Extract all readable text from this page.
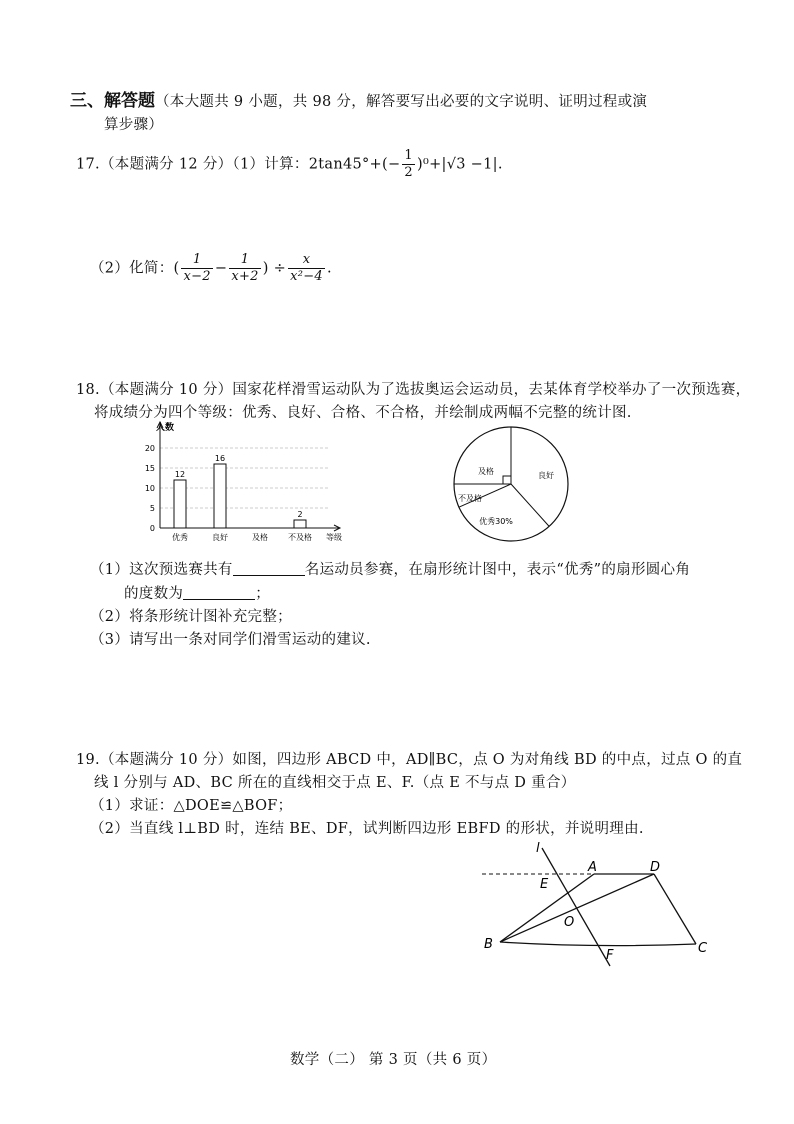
三、解答题（本大题共 9 小题，共 98 分，解答要写出必要的文字说明、证明过程或演
算步骤）
17.（本题满分 12 分）（1）计算：$2\tan 45^\circ+(- \frac{1}{2} )^0+|√3 -1|$.
（2）化简：( $\frac{1}{x-2} - \frac{1}{x+2}$ ) ÷ $\frac{x}{\text{x²−4}}$ .
18.（本题满分 10 分）国家花样滑雪运动队为了选拔奥运会运动员，去某体育学校举办了一次预选赛，
将成绩分为四个等级：优秀、良好、合格、不合格，并绘制成两幅不完整的统计图.
0
5
10
15
20
人数
等级
12
优秀
16
良好	及格
2
不及格
良好
优秀30%
不及格
及格
（1）这次预选赛共有	名运动员参赛，在扇形统计图中，表示“优秀”的扇形圆心角
的度数为	；
（2）将条形统计图补充完整；
（3）请写出一条对同学们滑雪运动的建议.
19.（本题满分 10 分）如图，四边形 ABCD 中，AD∥BC，点 O 为对角线 BD 的中点，过点 O 的直
线 l 分别与 AD、BC 所在的直线相交于点 E、F.（点 E 不与点 D 重合）
（1）求证：△DOE≌△BOF；
（2）当直线 l⊥BD 时，连结 BE、DF，试判断四边形 EBFD 的形状，并说明理由.
l
A	D
E
O
B
F	C
数学（二） 第 3 页（共 6 页）
